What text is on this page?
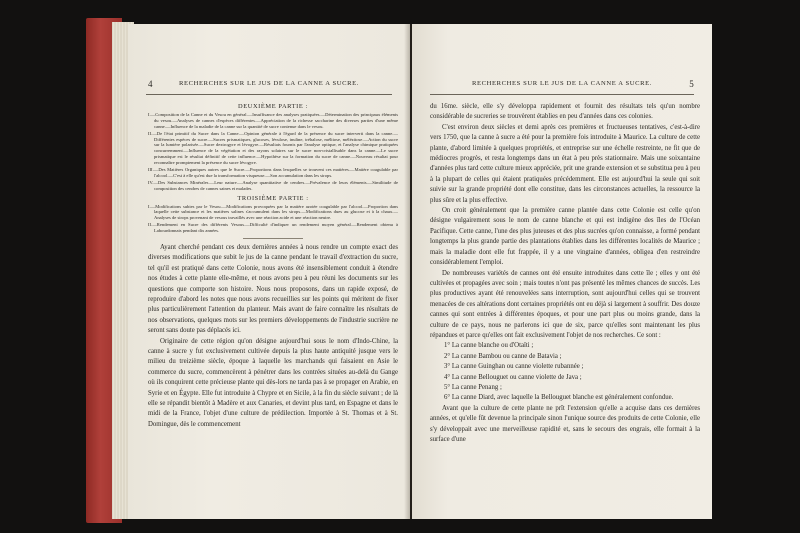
4	RECHERCHES SUR LE JUS DE LA CANNE A SUCRE.
DEUXIÈME PARTIE :

I.—Composition de la Canne et du Vesou en général.—Insuffisance des analyses pratiquées.—Détermination des principaux éléments du vesou.—Analyses de cannes d'espèces différentes.—Appréciation de la richesse saccharine des diverses parties d'une même canne.—Influence de la maladie de la canne sur la quantité de sucre contenue dans le vesou.

II.—De l'état primitif du Sucre dans la Canne.—Opinion générale à l'égard de la présence du sucre interverti dans la canne.—Différentes espèces de sucre.—Sucres prismatiques, glucoses, lévulose, inuline, tréhalose, mélitose, mélézitose.—Action du sucre sur la lumière polarisée.—Sucre dextrogyre et lévogyre.—Résultats fournis par l'analyse optique, et l'analyse chimique pratiquées concurremment.—Influence de la végétation et des rayons solaires sur le sucre non-cristallisable dans la canne.—Le sucre prismatique est le résultat définitif de cette influence.—Hypothèse sur la formation du sucre de canne.—Nouveau résultat pour reconnaître promptement la présence du sucre lévogyre.

III.—Des Matières Organiques autres que le Sucre.—Proportions dans lesquelles se trouvent ces matières.—Matière coagulable par l'alcool.—C'est à elle qu'est due la transformation visqueuse.—Son accumulation dans les sirops.

IV.—Des Substances Minérales.—Leur nature.—Analyse quantitative de cendres.—Prévalence de leurs éléments.—Similitude de composition des cendres de cannes saines et malades.

TROISIÈME PARTIE :

I.—Modifications subies par le Vesou.—Modifications provoquées par la matière azotée coagulable par l'alcool.—Proportion dans laquelle cette substance et les matières salines s'accumulent dans les sirops.—Modifications dues au glucose et à la chaux.—Analyses de sirops provenant de vesous travaillés avec une réaction acide et une réaction neutre.

II.—Rendement en Sucre des différents Vesous.—Difficulté d'indiquer un rendement moyen général.—Rendement obtenu à Labourdonnais pendant dix années.

Ayant cherché pendant ces deux dernières années à nous rendre un compte exact des diverses modifications que subit le jus de la canne pendant le travail d'extraction du sucre, tel qu'il est pratiqué dans cette Colonie, nous avons été insensiblement conduit à étendre nos études à cette plante elle-même, et nous avons peu à peu réuni les documents sur les questions que comporte son histoire. Nous nous proposons, dans un rapide exposé, de reproduire d'abord les notes que nous avons recueillies sur les points qui méritent de fixer plus particulièrement l'attention du planteur. Mais avant de faire connaître les résultats de nos observations, quelques mots sur les premiers développements de l'industrie sucrière ne seront sans doute pas déplacés ici.

Originaire de cette région qu'on désigne aujourd'hui sous le nom d'Indo-Chine, la canne à sucre y fut exclusivement cultivée depuis la plus haute antiquité jusque vers le milieu du treizième siècle, époque à laquelle les marchands qui faisaient en Asie le commerce du sucre, commencèrent à pénétrer dans les contrées situées au-delà du Gange où ils conquirent cette précieuse plante qui dès-lors ne tarda pas à se propager en Arabie, en Syrie et en Égypte. Elle fut introduite à Chypre et en Sicile, à la fin du siècle suivant ; de là elle se répandit bientôt à Madère et aux Canaries, et devint plus tard, en Espagne et dans le midi de la France, l'objet d'une culture de prédilection. Importée à St. Thomas et à St. Domingue, dès le commencement

RECHERCHES SUR LE JUS DE LA CANNE A SUCRE.	5

du 16me. siècle, elle s'y développa rapidement et fournit des résultats tels qu'un nombre considérable de sucreries se trouvèrent établies en peu d'années dans ces colonies.

C'est environ deux siècles et demi après ces premières et fructueuses tentatives, c'est-à-dire vers 1750, que la canne à sucre a été pour la première fois introduite à Maurice. La culture de cette plante, d'abord limitée à quelques propriétés, et entreprise sur une échelle restreinte, ne fit que de médiocres progrès, et resta longtemps dans un état à peu près stationnaire. Mais une soixantaine d'années plus tard cette culture mieux appréciée, prit une grande extension et se substitua peu à peu à la plupart de celles qui étaient pratiquées précédemment. Elle est aujourd'hui la seule qui soit suivie sur la grande propriété dont elle constitue, dans les circonstances actuelles, la ressource la plus sûre et la plus effective.

On croit généralement que la première canne plantée dans cette Colonie est celle qu'on désigne vulgairement sous le nom de canne blanche et qui est indigène des îles de l'Océan Pacifique. Cette canne, l'une des plus juteuses et des plus sucrées qu'on connaisse, a formé pendant longtemps la plus grande partie des plantations établies dans les différentes localités de Maurice ; mais la maladie dont elle fut frappée, il y a une vingtaine d'années, obligea d'en restreindre considérablement l'emploi.

De nombreuses variétés de cannes ont été ensuite introduites dans cette île ; elles y ont été cultivées et propagées avec soin ; mais toutes n'ont pas présenté les mêmes chances de succès. Les plus productives ayant été renouvelées sans interruption, sont aujourd'hui celles qui se trouvent menacées de ces altérations dont certaines propriétés ont eu déjà si largement à souffrir. Des douze cannes qui sont entrées à différentes époques, et pour une part plus ou moins grande, dans la culture de ce pays, nous ne parlerons ici que de six, parce qu'elles sont maintenant les plus répandues et parce qu'elles ont fait exclusivement l'objet de nos recherches. Ce sont :

1° La canne blanche ou d'Otaïti ;
2° La canne Bambou ou canne de Batavia ;
3° La canne Guinghan ou canne violette rubannée ;
4° La canne Bellouguet ou canne violette de Java ;
5° La canne Penang ;
6° La canne Diard, avec laquelle la Bellouguet blanche est généralement confondue.

Avant que la culture de cette plante ne prît l'extension qu'elle a acquise dans ces dernières années, et qu'elle fût devenue la principale sinon l'unique source des produits de cette Colonie, elle s'y développait avec une merveilleuse rapidité et, sans le secours des engrais, elle formait à la surface d'une
